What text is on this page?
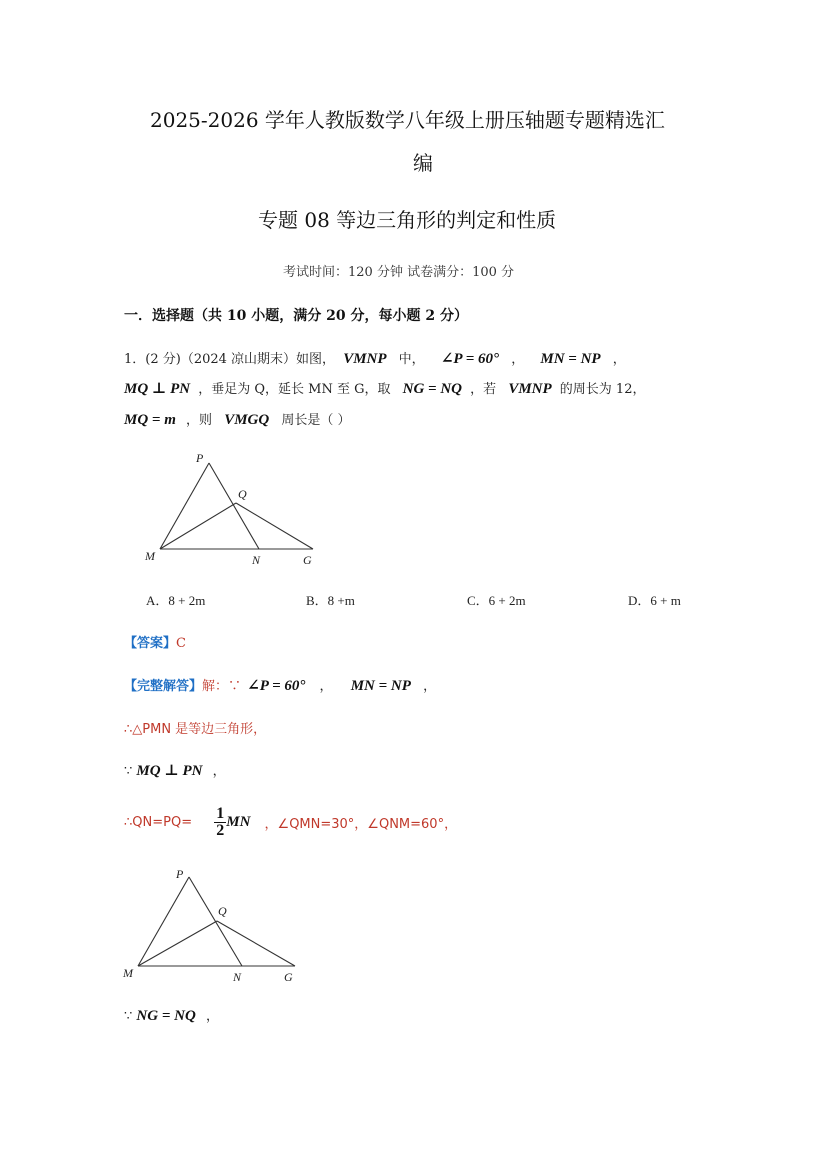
2025-2026 学年人教版数学八年级上册压轴题专题精选汇
编
专题 08 等边三角形的判定和性质
考试时间：120 分钟 试卷满分：100 分
一．选择题（共 10 小题，满分 20 分，每小题 2 分）
1．(2 分)（2024 凉山期末）如图， VMNP 中， ∠P = 60° ， MN = NP ，
MQ ⊥ PN ，垂足为 Q，延长 MN 至 G，取 NG = NQ ，若 VMNP 的周长为 12，
MQ = m ，则 VMGQ 周长是（ ）
P
Q
M	N	G
A．8 + 2m	B．8 +m	C．6 + 2m	D．6 + m
【答案】C
【完整解答】解：∵ ∠P = 60° ， MN = NP ，
∴△PMN 是等边三角形，
∵ MQ ⊥ PN ，
∴QN=PQ= $\frac{1}{2}$ MN ，∠QMN=30°，∠QNM=60°，
P
Q
M	N	G
∵ NG = NQ ，
